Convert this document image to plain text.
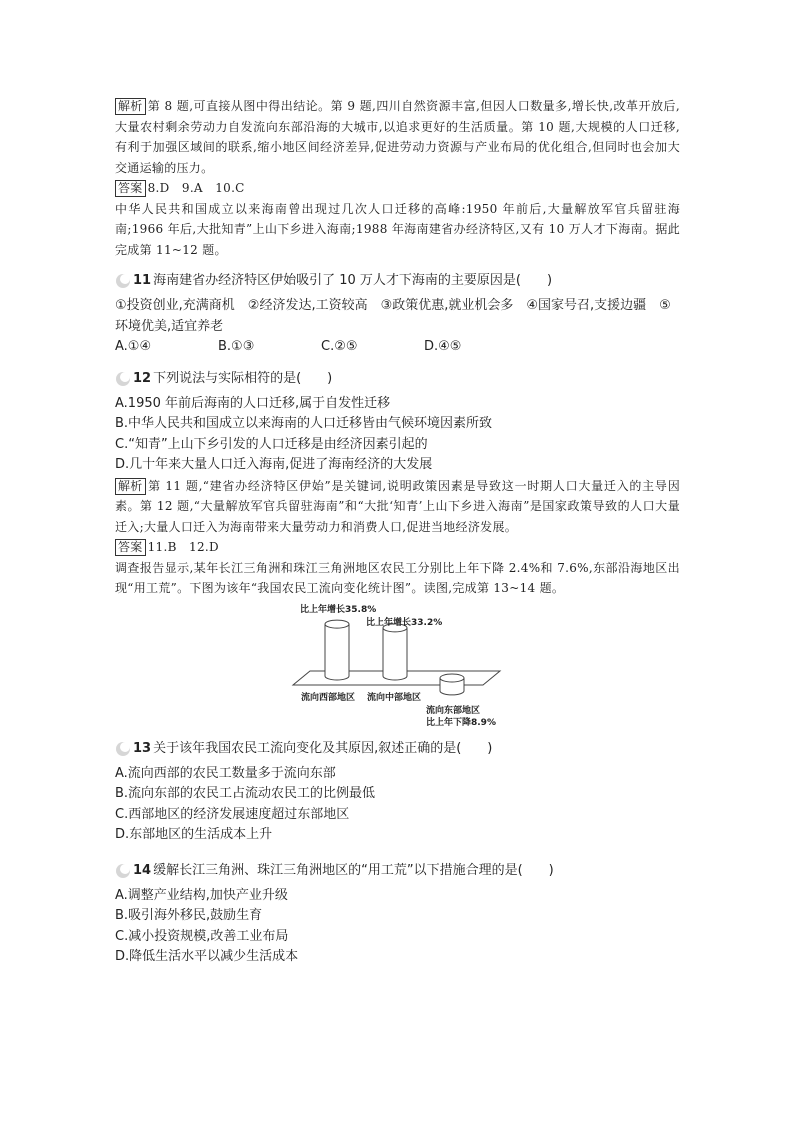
解析 第 8 题,可直接从图中得出结论。第 9 题,四川自然资源丰富,但因人口数量多,增长快,改革开放后,大量农村剩余劳动力自发流向东部沿海的大城市,以追求更好的生活质量。第 10 题,大规模的人口迁移,有利于加强区域间的联系,缩小地区间经济差异,促进劳动力资源与产业布局的优化组合,但同时也会加大交通运输的压力。

答案 8.D　9.A　10.C

中华人民共和国成立以来海南曾出现过几次人口迁移的高峰:1950 年前后,大量解放军官兵留驻海南;1966 年后,大批知青”上山下乡进入海南;1988 年海南建省办经济特区,又有 10 万人才下海南。据此完成第 11~12 题。

11 海南建省办经济特区伊始吸引了 10 万人才下海南的主要原因是(　　)

①投资创业,充满商机　②经济发达,工资较高　③政策优惠,就业机会多　④国家号召,支援边疆　⑤环境优美,适宜养老

A.①④	B.①③	C.②⑤	D.④⑤
12 下列说法与实际相符的是(　　)

A.1950 年前后海南的人口迁移,属于自发性迁移

B.中华人民共和国成立以来海南的人口迁移皆由气候环境因素所致

C.“知青”上山下乡引发的人口迁移是由经济因素引起的

D.几十年来大量人口迁入海南,促进了海南经济的大发展

解析 第 11 题,“建省办经济特区伊始”是关键词,说明政策因素是导致这一时期人口大量迁入的主导因素。第 12 题,“大量解放军官兵留驻海南”和“大批‘知青’上山下乡进入海南”是国家政策导致的人口大量迁入;大量人口迁入为海南带来大量劳动力和消费人口,促进当地经济发展。

答案 11.B　12.D

调查报告显示,某年长江三角洲和珠江三角洲地区农民工分别比上年下降 2.4%和 7.6%,东部沿海地区出现“用工荒”。下图为该年“我国农民工流向变化统计图”。读图,完成第 13~14 题。

比上年增长35.8%
比上年增长33.2%
流向西部地区 流向中部地区
流向东部地区
比上年下降8.9%
13 关于该年我国农民工流向变化及其原因,叙述正确的是(　　)

A.流向西部的农民工数量多于流向东部

B.流向东部的农民工占流动农民工的比例最低

C.西部地区的经济发展速度超过东部地区

D.东部地区的生活成本上升

14 缓解长江三角洲、珠江三角洲地区的“用工荒”以下措施合理的是(　　)

A.调整产业结构,加快产业升级

B.吸引海外移民,鼓励生育

C.减小投资规模,改善工业布局

D.降低生活水平以减少生活成本
